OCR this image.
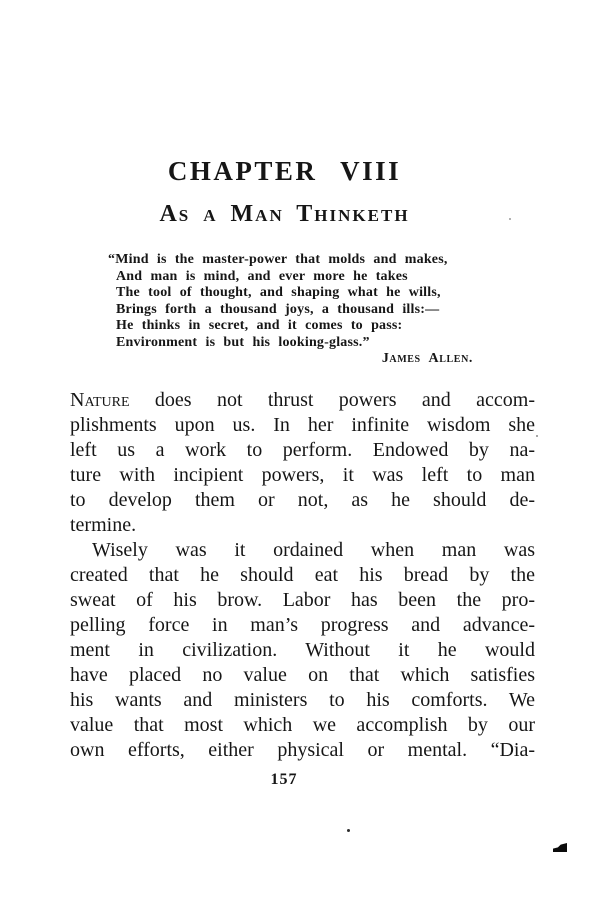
CHAPTER VIII
As a Man Thinketh
“Mind is the master-power that molds and makes,
And man is mind, and ever more he takes
The tool of thought, and shaping what he wills,
Brings forth a thousand joys, a thousand ills:—
He thinks in secret, and it comes to pass:
Environment is but his looking-glass.”
James Allen.
Nature does not thrust powers and accom-
plishments upon us. In her infinite wisdom she
left us a work to perform. Endowed by na-
ture with incipient powers, it was left to man
to develop them or not, as he should de-
termine.
Wisely was it ordained when man was
created that he should eat his bread by the
sweat of his brow. Labor has been the pro-
pelling force in man’s progress and advance-
ment in civilization. Without it he would
have placed no value on that which satisfies
his wants and ministers to his comforts. We
value that most which we accomplish by our
own efforts, either physical or mental. “Dia-
157
